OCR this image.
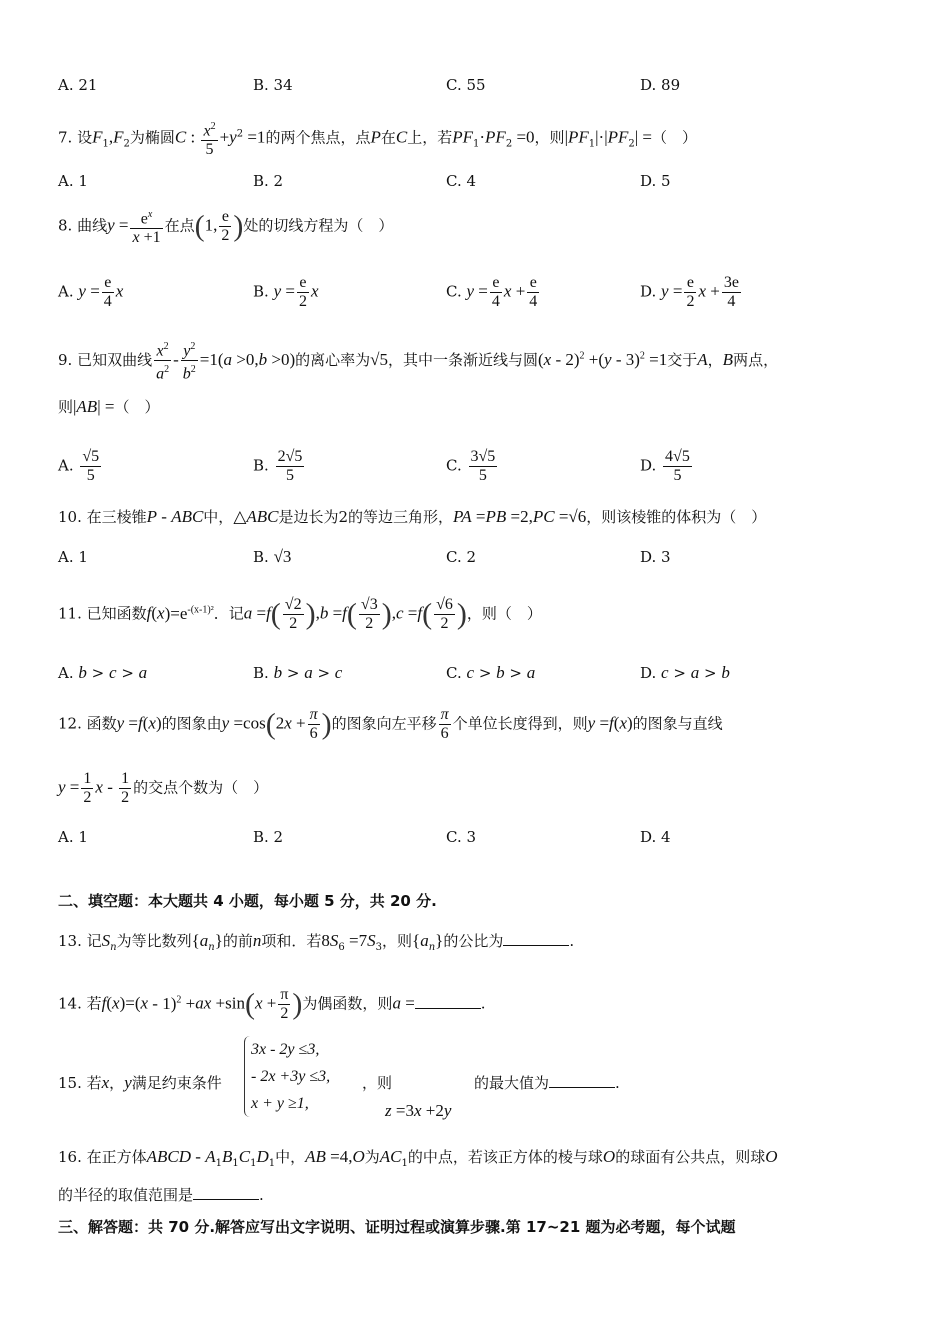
A. 21	B. 34	C. 55	D. 89
7. 设$F_1,F_2$为椭圆C : $\frac{x^2}{5} +y^2 =1$的两个焦点，点P在C上，若$PF_1\cdot PF_2 =0$，则$|PF_1|\cdot|PF_2|$ =（　）
A. 1	B. 2	C. 4	D. 5
8. 曲线$y = \frac{e^x}{x +1}$ 在点(1, $\frac{e}{2}$ )处的切线方程为（　）
A. $y = \frac{e}{4}$ x	B. $y = \frac{e}{2}$ x	C. $y = \frac{e}{4}$ $x + \frac{e}{4}$	D. $y = \frac{e}{2}$ $x + \frac{3e}{4}$
9. 已知双曲线 $\frac{x^2}{a^2} - \frac{y^2}{b^2} =1(a >0,b >0)$的离心率为√5，其中一条渐近线与圆(x - 2)$^2$ +(y - 3)$^2$ =1交于A，B两点，
则|AB| =（　）
A. $\frac{√5}{5}$	B. $\frac{2√5}{5}$	C. $\frac{3√5}{5}$	D. $\frac{4√5}{5}$
10. 在三棱锥P - ABC中，△ABC是边长为2的等边三角形，PA =PB =2,PC =√6，则该棱锥的体积为（　）
A. 1	B. √3	C. 2	D. 3
11. 已知函数$f(x)=e^{-(x-1)^2}$．记$a =f( \frac{√2}{2} ),b =f( \frac{√3}{2} ),c =f( \frac{√6}{2}$ )，则（　）
A. b > c > a	B. b > a > c	C. c > b > a	D. c > a > b
12. 函数y =f(x)的图象由$y =\cos(2x + \frac{\pi}{6}$ )的图象向左平移 $\frac{\pi}{6}$ 个单位长度得到，则y =f(x)的图象与直线
$y = \frac{1}{2}$ x - $\frac{1}{2}$ 的交点个数为（　）
A. 1	B. 2	C. 3	D. 4
二、填空题：本大题共 4 小题，每小题 5 分，共 20 分.
13. 记$S_n$为等比数列$\{a_n\}$的前n项和．若$8S_6 =7S_3$，则$\{a_n\}$的公比为	.
14. 若$f(x)=(x - 1)^2 +ax +\sin(x + \frac{\pi}{2}$ )为偶函数，则a =	.
15. 若x，y满足约束条件
3x - 2y ≤3,
- 2x +3y ≤3,
x + y ≥1,
，则
z =3x +2y
的最大值为	.
16. 在正方体ABCD - $A_1B_1C_1D_1$中，AB =4,O为$AC_1$的中点，若该正方体的棱与球O的球面有公共点，则球O
的半径的取值范围是	.
三、解答题：共 70 分.解答应写出文字说明、证明过程或演算步骤.第 17~21 题为必考题，每个试题
